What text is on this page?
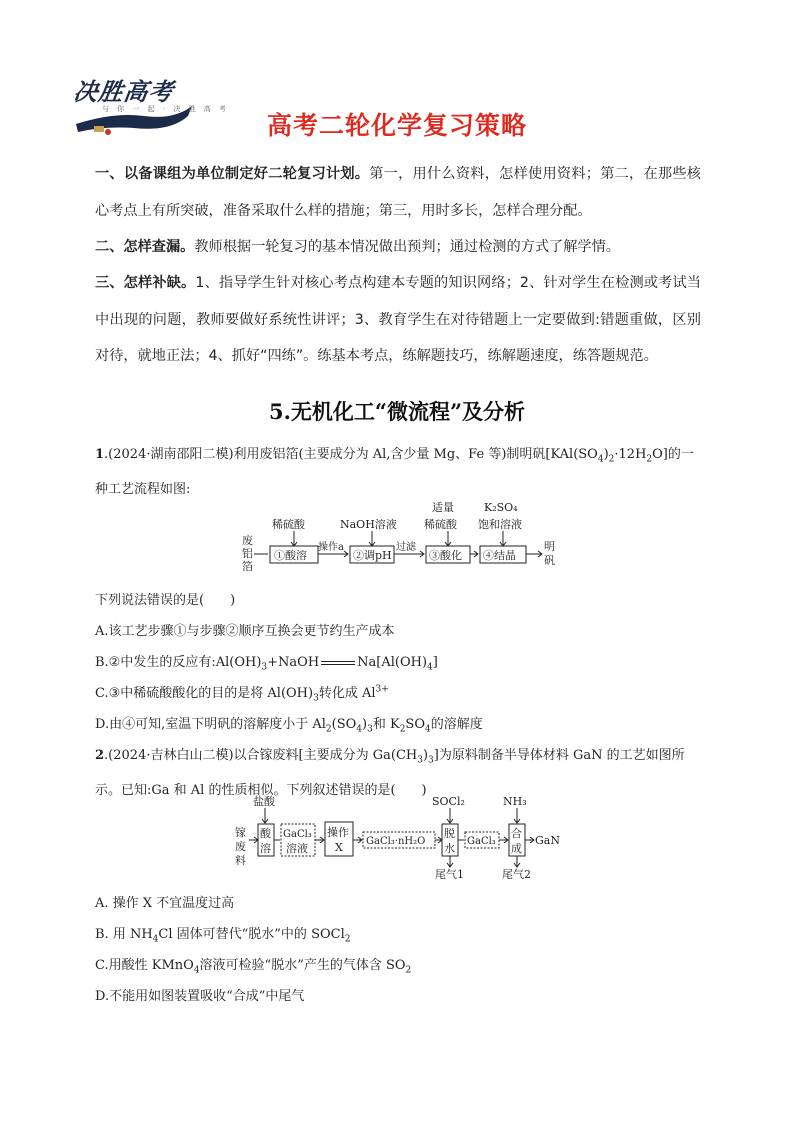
决胜高考
与 你 一 起 · 决 胜 高 考
高考二轮化学复习策略
一、以备课组为单位制定好二轮复习计划。第一，用什么资料，怎样使用资料；第二，在那些核心考点上有所突破，准备采取什么样的措施；第三，用时多长，怎样合理分配。
二、怎样查漏。教师根据一轮复习的基本情况做出预判；通过检测的方式了解学情。
三、怎样补缺。1、指导学生针对核心考点构建本专题的知识网络；2、针对学生在检测或考试当中出现的问题，教师要做好系统性讲评；3、教育学生在对待错题上一定要做到:错题重做，区别对待，就地正法；4、抓好“四练”。练基本考点，练解题技巧，练解题速度，练答题规范。
5.无机化工“微流程”及分析
1.(2024·湖南邵阳二模)利用废铝箔(主要成分为 Al,含少量 Mg、Fe 等)制明矾$[KAl(SO_4)_2\cdot 12H_2O]$的一种工艺流程如图:
废
铝
箔
①酸溶
稀硫酸
操作a
②调pH
NaOH溶液
过滤
③酸化
适量
稀硫酸
④结晶
K₂SO₄
饱和溶液
明
矾
下列说法错误的是(　　)
A.该工艺步骤①与步骤②顺序互换会更节约生产成本
B.②中发生的反应有$:Al(OH)_3+NaOH$	$Na[Al(OH)_4]$
C.③中稀硫酸酸化的目的是将 $Al(OH)_3$转化成 $Al^{3+}$
D.由④可知,室温下明矾的溶解度小于 $Al_2(SO_4)_3$和 $K_2SO_4$的溶解度
2.(2024·吉林白山二模)以合镓废料[主要成分为 $Ga(CH_3)_3$]为原料制备半导体材料 GaN 的工艺如图所示。已知:Ga 和 Al 的性质相似。下列叙述错误的是(　　)
镓
废
料
盐酸
酸
溶
GaCl₃
溶液
操作
X GaCl₃·nH₂O
SOCl₂
脱
水
尾气1
GaCl₃
NH₃
合
成
尾气2
GaN
A. 操作 X 不宜温度过高
B. 用 $NH_4Cl$ 固体可替代“脱水”中的 SOCl$_2$
C.用酸性 KMnO$_4$溶液可检验“脱水”产生的气体含 $SO_2$
D.不能用如图装置吸收“合成”中尾气
